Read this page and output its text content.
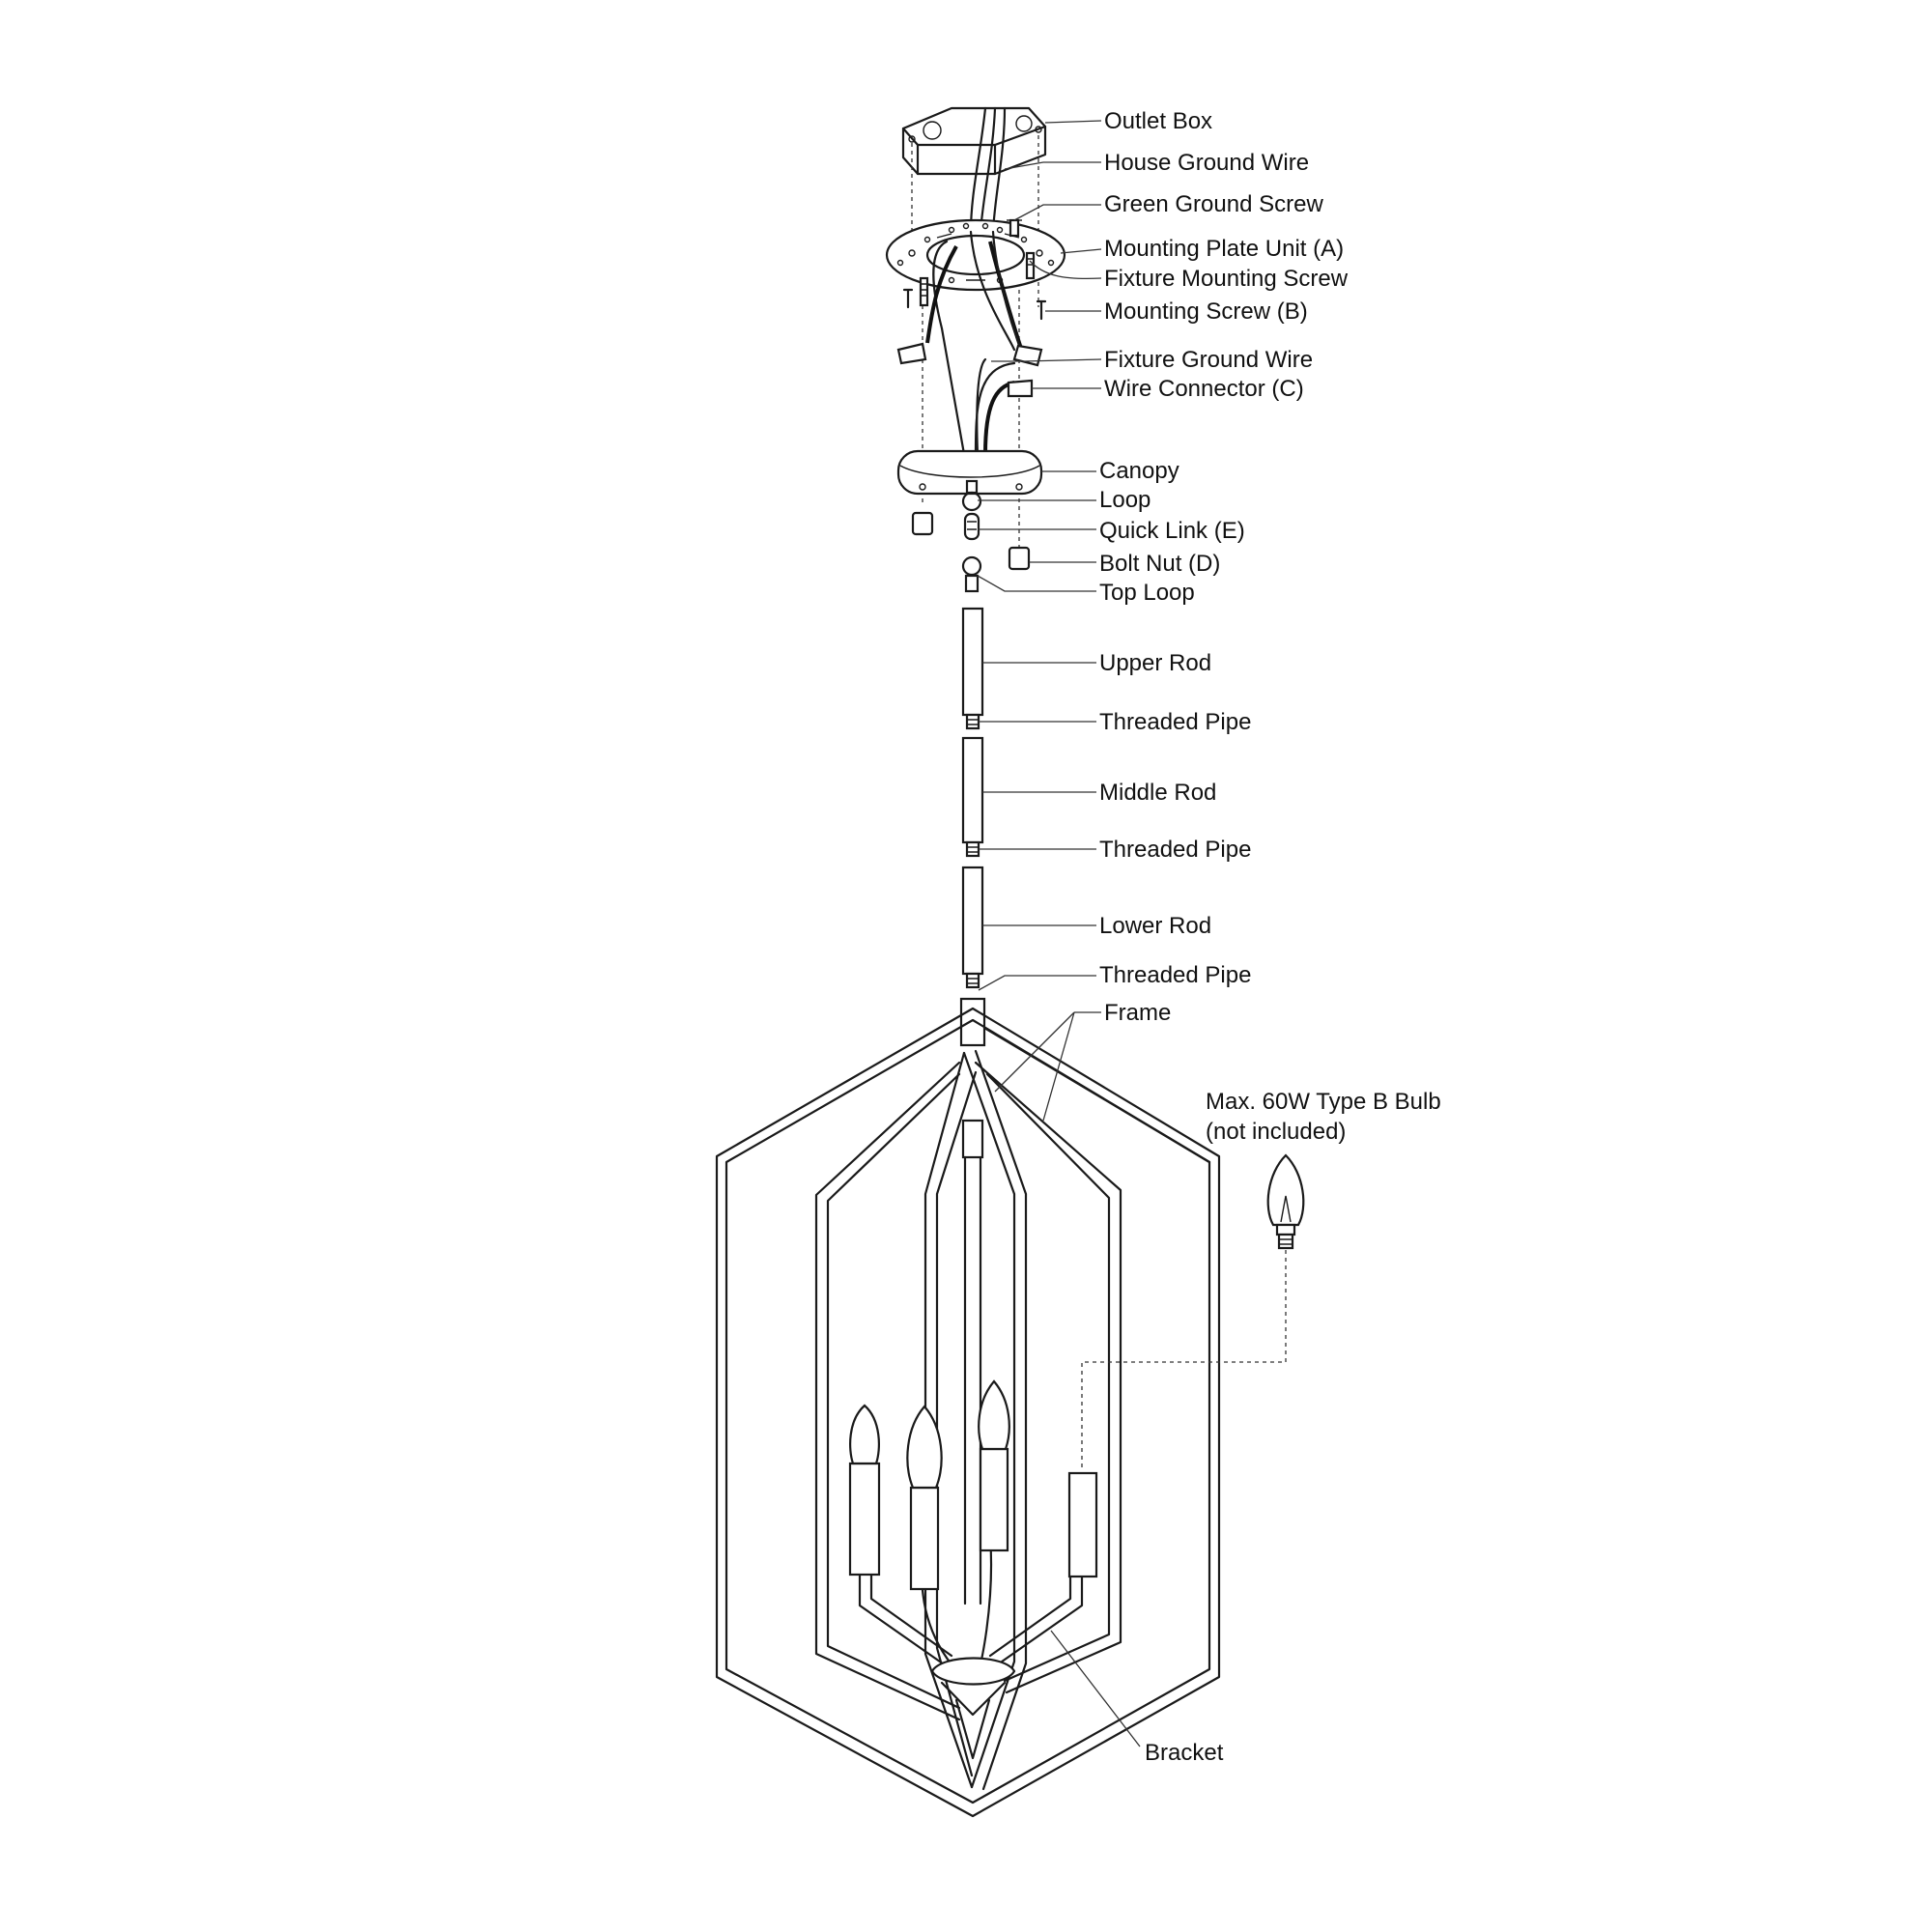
Outlet Box
House Ground Wire
Green Ground Screw
Mounting Plate Unit (A)
Fixture Mounting Screw
Mounting Screw (B)
Fixture Ground Wire
Wire Connector (C)
Canopy
Loop
Quick Link (E)
Bolt Nut (D)
Top Loop
Upper Rod
Threaded Pipe
Middle Rod
Threaded Pipe
Lower Rod
Threaded Pipe
Frame
Max. 60W Type B Bulb
(not included)
Bracket
